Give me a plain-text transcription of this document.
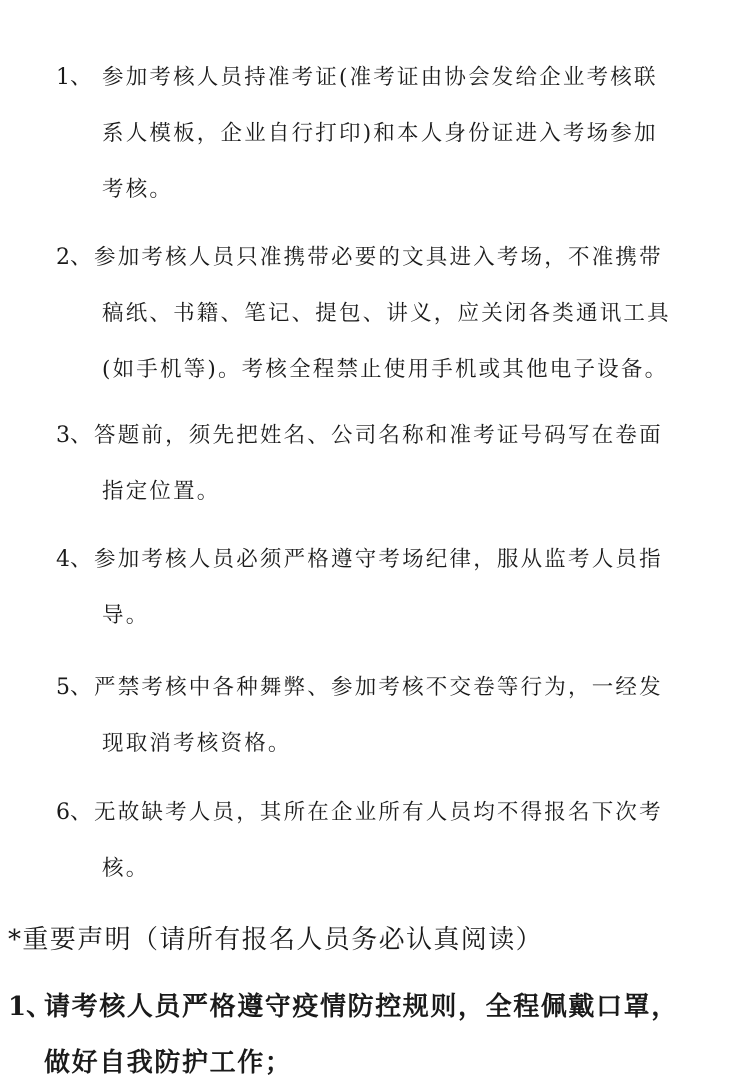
1、 参加考核人员持准考证(准考证由协会发给企业考核联
系人模板，企业自行打印)和本人身份证进入考场参加
考核。
2、 参加考核人员只准携带必要的文具进入考场，不准携带
稿纸、书籍、笔记、提包、讲义，应关闭各类通讯工具
(如手机等)。考核全程禁止使用手机或其他电子设备。
3、 答题前，须先把姓名、公司名称和准考证号码写在卷面
指定位置。
4、 参加考核人员必须严格遵守考场纪律，服从监考人员指
导。
5、 严禁考核中各种舞弊、参加考核不交卷等行为，一经发
现取消考核资格。
6、 无故缺考人员，其所在企业所有人员均不得报名下次考
核。
*重要声明（请所有报名人员务必认真阅读）
1、
请考核人员严格遵守疫情防控规则，全程佩戴口罩，
做好自我防护工作；
